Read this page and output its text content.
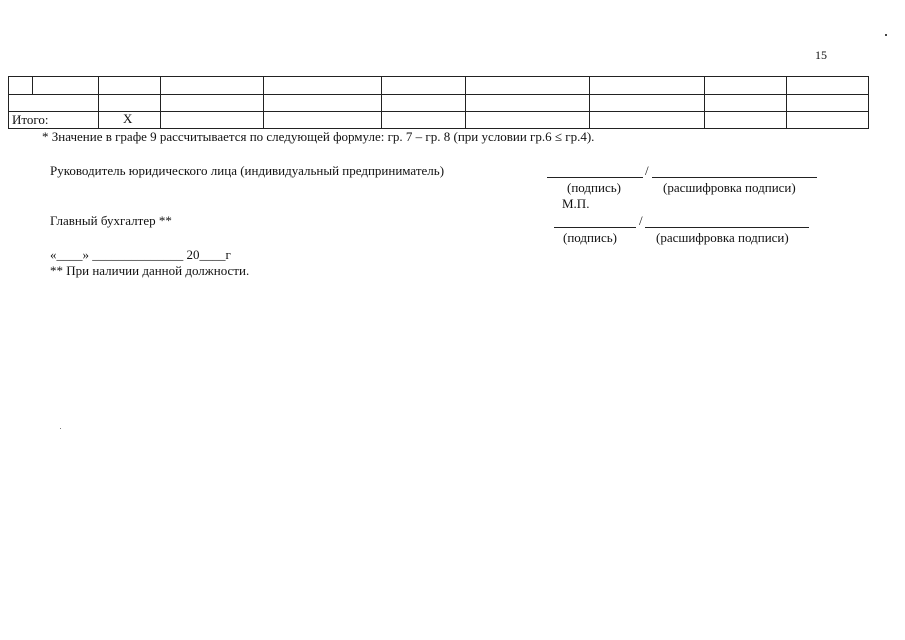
15
Итого:	X
* Значение в графе 9 рассчитывается по следующей формуле: гр. 7 – гр. 8 (при условии гр.6 ≤ гр.4).
Руководитель юридического лица (индивидуальный предприниматель)	/
(подпись)	(расшифровка подписи)
М.П.
Главный бухгалтер **	/
(подпись)	(расшифровка подписи)
«____» ______________ 20____г
** При наличии данной должности.
